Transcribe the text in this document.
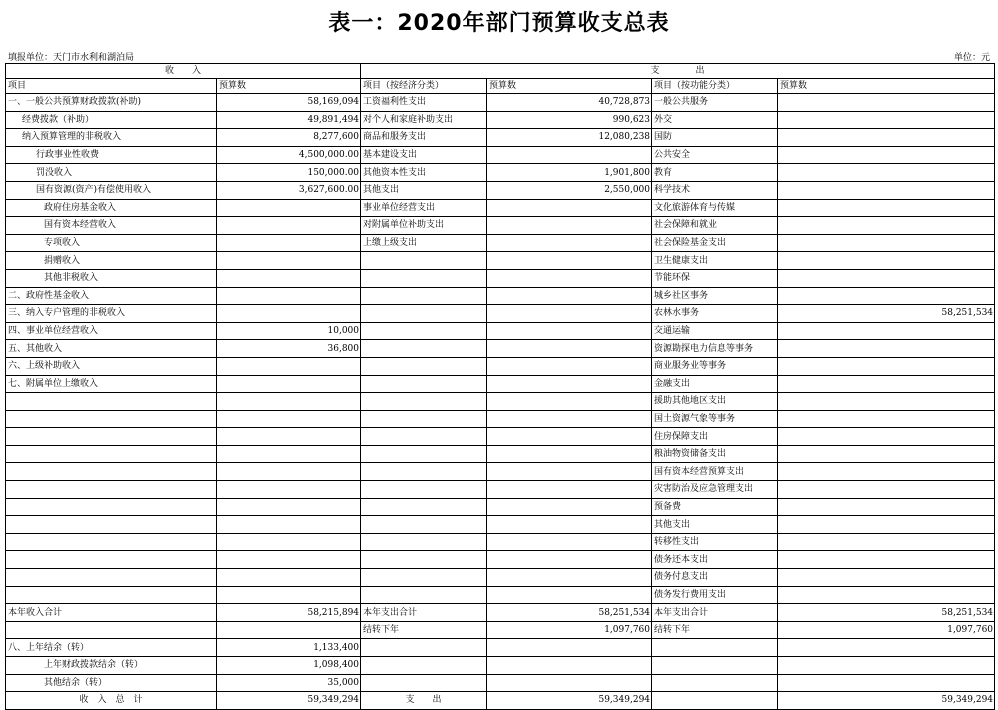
表一：2020年部门预算收支总表
填报单位：天门市水利和湖泊局	单位：元
收　　入		支　　　　出			
项目	预算数	项目（按经济分类）	预算数	项目（按功能分类）	预算数
一、一般公共预算财政拨款(补助)	58,169,094	工资福利性支出	40,728,873	一般公共服务	
经费拨款（补助）	49,891,494	对个人和家庭补助支出	990,623	外交	
纳入预算管理的非税收入	8,277,600	商品和服务支出	12,080,238	国防	
行政事业性收费	4,500,000.00	基本建设支出		公共安全	
罚没收入	150,000.00	其他资本性支出	1,901,800	教育	
国有资源(资产)有偿使用收入	3,627,600.00	其他支出	2,550,000	科学技术	
政府住房基金收入		事业单位经营支出		文化旅游体育与传媒	
国有资本经营收入		对附属单位补助支出		社会保障和就业	
专项收入		上缴上级支出		社会保险基金支出	
捐赠收入				卫生健康支出	
其他非税收入				节能环保	
二、政府性基金收入				城乡社区事务	
三、纳入专户管理的非税收入				农林水事务	58,251,534
四、事业单位经营收入	10,000			交通运输	
五、其他收入	36,800			资源勘探电力信息等事务	
六、上级补助收入				商业服务业等事务	
七、附属单位上缴收入				金融支出	
				援助其他地区支出	
				国土资源气象等事务	
				住房保障支出	
				粮油物资储备支出	
				国有资本经营预算支出	
				灾害防治及应急管理支出	
				预备费	
				其他支出	
				转移性支出	
				债务还本支出	
				债务付息支出	
				债务发行费用支出	
本年收入合计	58,215,894	本年支出合计	58,251,534	本年支出合计	58,251,534
		结转下年	1,097,760	结转下年	1,097,760
八、上年结余（转）	1,133,400				
上年财政拨款结余（转）	1,098,400				
其他结余（转）	35,000				
收　入　总　计	59,349,294	支　　出	59,349,294		59,349,294
